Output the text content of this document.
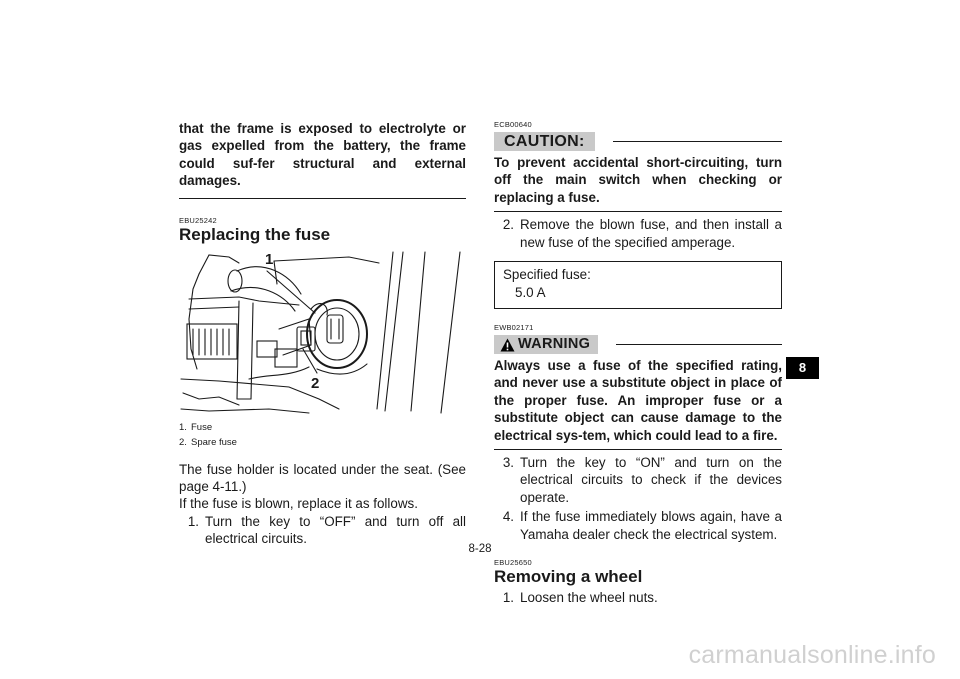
that the frame is exposed to electrolyte or gas expelled from the battery, the frame could suf-fer structural and external damages.
EBU25242
Replacing the fuse
1
2
1. Fuse
2. Spare fuse

The fuse holder is located under the seat. (See page 4-11.)

If the fuse is blown, replace it as follows.

1. Turn the key to “OFF” and turn off all electrical circuits.
ECB00640
CAUTION:
To prevent accidental short-circuiting, turn off the main switch when checking or replacing a fuse.
2. Remove the blown fuse, and then install a new fuse of the specified amperage.
Specified fuse:
5.0 A
EWB02171
WARNING
Always use a fuse of the specified rating, and never use a substitute object in place of the proper fuse. An improper fuse or a substitute object can cause damage to the electrical sys-tem, which could lead to a fire.
3. Turn the key to “ON” and turn on the electrical circuits to check if the devices operate.
4. If the fuse immediately blows again, have a Yamaha dealer check the electrical system.
EBU25650
Removing a wheel
1. Loosen the wheel nuts.
8
8-28
carmanualsonline.info
